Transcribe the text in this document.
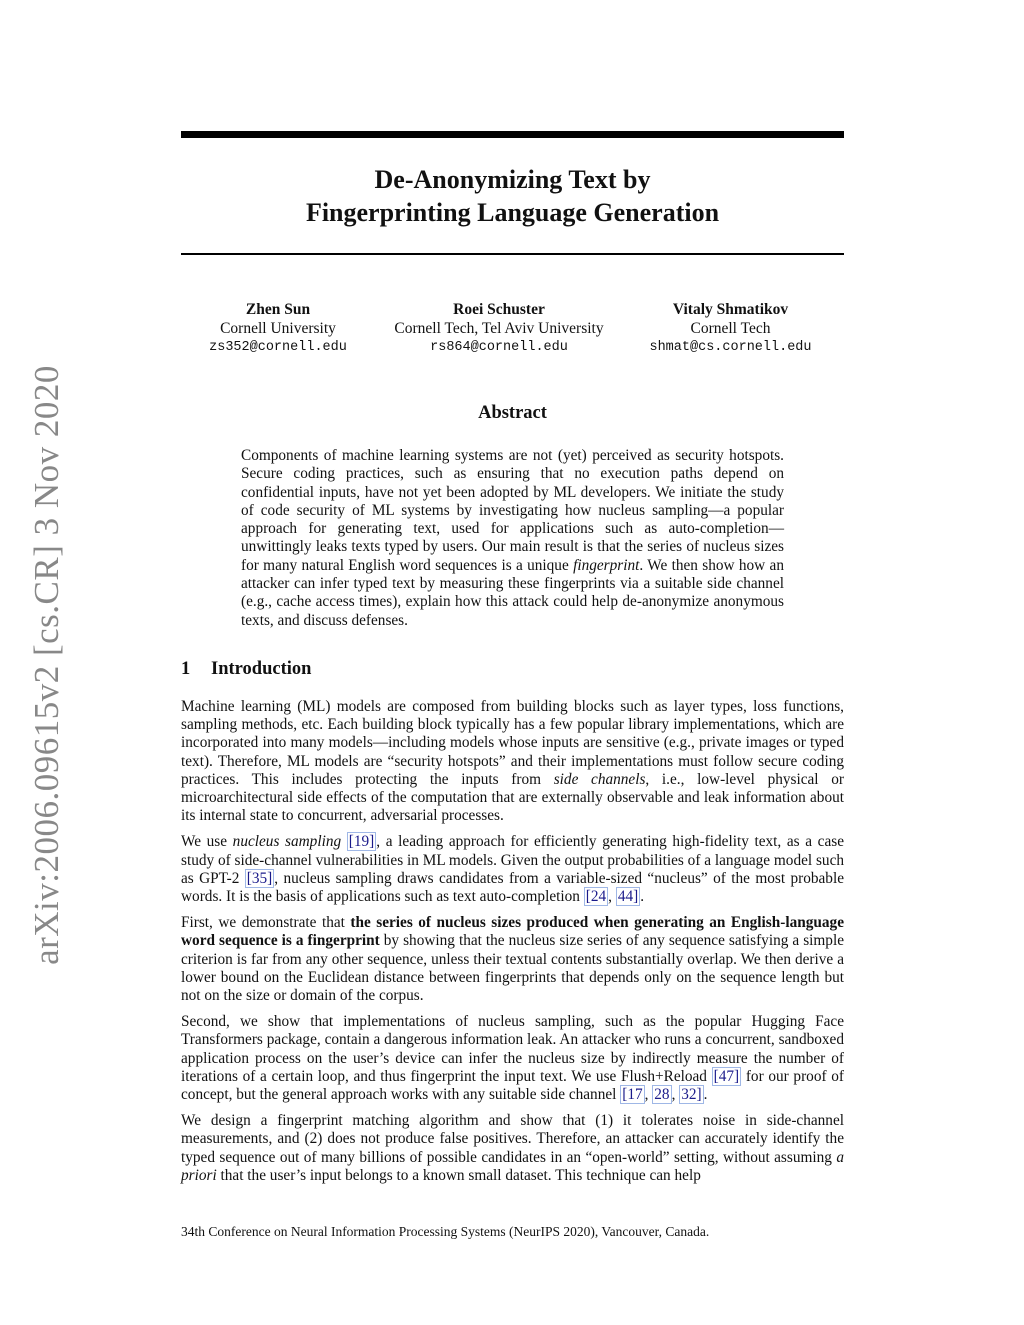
arXiv:2006.09615v2 [cs.CR] 3 Nov 2020
De-Anonymizing Text by
Fingerprinting Language Generation
Zhen Sun
Cornell University
zs352@cornell.edu
Roei Schuster
Cornell Tech, Tel Aviv University
rs864@cornell.edu
Vitaly Shmatikov
Cornell Tech
shmat@cs.cornell.edu
Abstract

Components of machine learning systems are not (yet) perceived as security hotspots. Secure coding practices, such as ensuring that no execution paths depend on confidential inputs, have not yet been adopted by ML developers. We initiate the study of code security of ML systems by investigating how nucleus sampling—a popular approach for generating text, used for applications such as auto-completion—unwittingly leaks texts typed by users. Our main result is that the series of nucleus sizes for many natural English word sequences is a unique fingerprint. We then show how an attacker can infer typed text by measuring these fingerprints via a suitable side channel (e.g., cache access times), explain how this attack could help de-anonymize anonymous texts, and discuss defenses.

1 Introduction

Machine learning (ML) models are composed from building blocks such as layer types, loss functions, sampling methods, etc. Each building block typically has a few popular library implementations, which are incorporated into many models—including models whose inputs are sensitive (e.g., private images or typed text). Therefore, ML models are “security hotspots” and their implementations must follow secure coding practices. This includes protecting the inputs from side channels, i.e., low-level physical or microarchitectural side effects of the computation that are externally observable and leak information about its internal state to concurrent, adversarial processes.

We use nucleus sampling [19] , a leading approach for efficiently generating high-fidelity text, as a case study of side-channel vulnerabilities in ML models. Given the output probabilities of a language model such as GPT-2 [35] , nucleus sampling draws candidates from a variable-sized “nucleus” of the most probable words. It is the basis of applications such as text auto-completion [24 , 44] .

First, we demonstrate that the series of nucleus sizes produced when generating an English-language word sequence is a fingerprint by showing that the nucleus size series of any sequence satisfying a simple criterion is far from any other sequence, unless their textual contents substantially overlap. We then derive a lower bound on the Euclidean distance between fingerprints that depends only on the sequence length but not on the size or domain of the corpus.

Second, we show that implementations of nucleus sampling, such as the popular Hugging Face Transformers package, contain a dangerous information leak. An attacker who runs a concurrent, sandboxed application process on the user’s device can infer the nucleus size by indirectly measure the number of iterations of a certain loop, and thus fingerprint the input text. We use Flush+Reload [47] for our proof of concept, but the general approach works with any suitable side channel [17 , 28 , 32] .

We design a fingerprint matching algorithm and show that (1) it tolerates noise in side-channel measurements, and (2) does not produce false positives. Therefore, an attacker can accurately identify the typed sequence out of many billions of possible candidates in an “open-world” setting, without assuming a priori that the user’s input belongs to a known small dataset. This technique can help

34th Conference on Neural Information Processing Systems (NeurIPS 2020), Vancouver, Canada.
